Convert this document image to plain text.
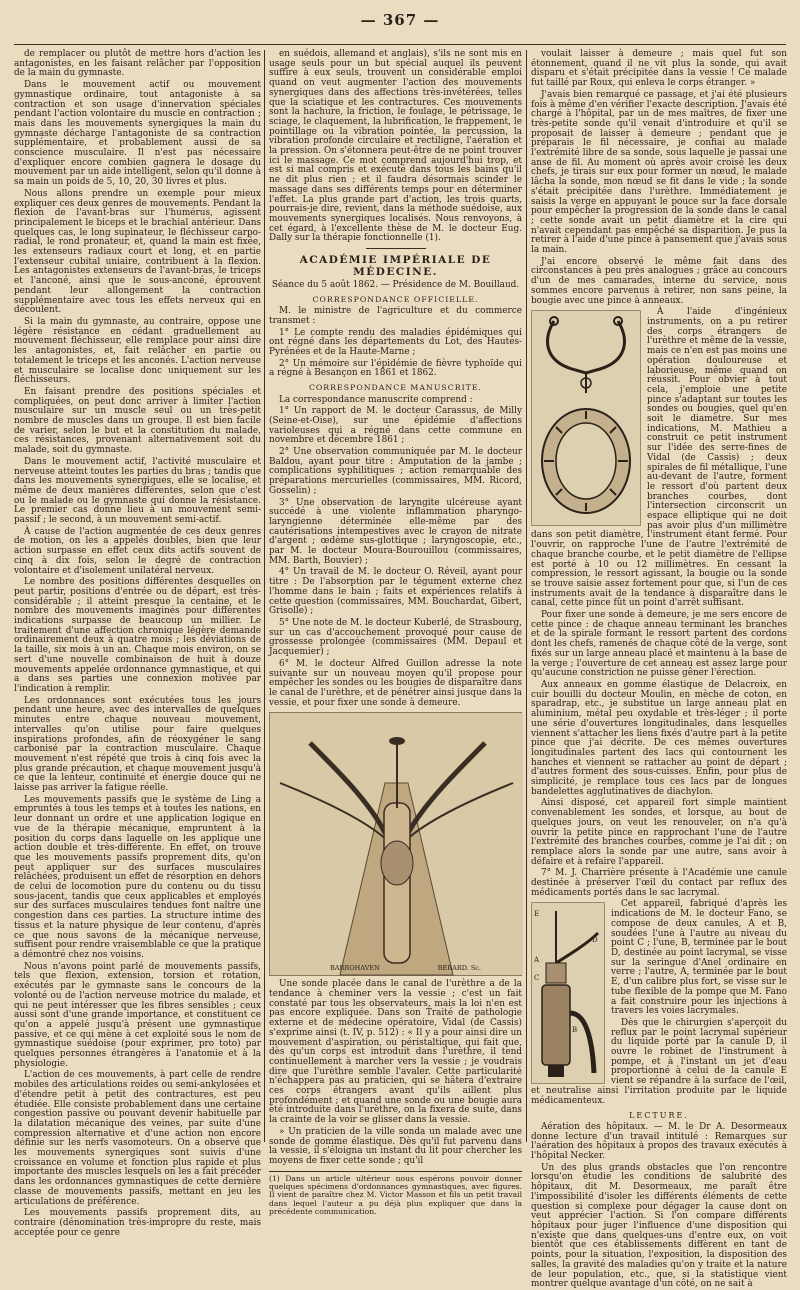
— 367 —

de remplacer ou plutôt de mettre hors d'action les antagonistes, en les faisant relâcher par l'opposition de la main du gymnaste.

Dans le mouvement actif ou mouvement gymnastique ordinaire, tout antagoniste à sa contraction et son usage d'innervation spéciales pendant l'action volontaire du muscle en contraction ; mais dans les mouvements synergiques la main du gymnaste décharge l'antagoniste de sa contraction supplémentaire, et probablement aussi de sa conscience musculaire. Il n'est pas nécessaire d'expliquer encore combien gagnera le dosage du mouvement par un aide intelligent, selon qu'il donne à sa main un poids de 5, 10, 20, 30 livres et plus.

Nous allons prendre un exemple pour mieux expliquer ces deux genres de mouvements. Pendant la flexion de l'avant-bras sur l'humérus, agissent principalement le biceps et le brachial antérieur. Dans quelques cas, le long supinateur, le fléchisseur carpo-radial, le rond pronateur, et, quand la main est fixée, les extenseurs radiaux court et long, et en partie l'extenseur cubital uniaire, contribuent à la flexion. Les antagonistes extenseurs de l'avant-bras, le triceps et l'anconé, ainsi que le sous-anconé, éprouvent pendant leur allongement la contraction supplémentaire avec tous les effets nerveux qui en découlent.

Si la main du gymnaste, au contraire, oppose une légère résistance en cédant graduellement au mouvement fléchisseur, elle remplace pour ainsi dire les antagonistes, et, fait relâcher en partie ou totalement le triceps et les anconés. L'action nerveuse et musculaire se localise donc uniquement sur les fléchisseurs.

En faisant prendre des positions spéciales et compliquées, on peut donc arriver à limiter l'action musculaire sur un muscle seul ou un très-petit nombre de muscles dans un groupe. Il est bien facile de varier, selon le but et la constitution du malade, ces résistances, provenant alternativement soit du malade, soit du gymnaste.

Dans le mouvement actif, l'activité musculaire et nerveuse atteint toutes les parties du bras ; tandis que dans les mouvements synergiques, elle se localise, et même de deux manières différentes, selon que c'est ou le malade ou le gymnaste qui donne la résistance. Le premier cas donne lieu à un mouvement semi-passif ; le second, à un mouvement semi-actif.

À cause de l'action augmentée de ces deux genres de motion, on les a appelés doubles, bien que leur action surpasse en effet ceux dits actifs souvent de cinq à dix fois, selon le degré de contraction volontaire et d'isolement unilatéral nerveux.

Le nombre des positions différentes desquelles on peut partir, positions d'entrée ou de départ, est très-considérable ; il atteint presque la centaine, et le nombre des mouvements imaginés pour différentes indications surpasse de beaucoup un millier. Le traitement d'une affection chronique légère demande ordinairement deux à quatre mois ; les déviations de la taille, six mois à un an. Chaque mois environ, on se sert d'une nouvelle combinaison de huit à douze mouvements appelée ordonnance gymnastique, et qui a dans ses parties une connexion motivée par l'indication à remplir.

Les ordonnances sont exécutées tous les jours pendant une heure, avec des intervalles de quelques minutes entre chaque nouveau mouvement, intervalles qu'on utilise pour faire quelques inspirations profondes, afin de réoxygéner le sang carbonisé par la contraction musculaire. Chaque mouvement n'est répété que trois à cinq fois avec la plus grande précaution, et chaque mouvement jusqu'à ce que la lenteur, continuité et énergie douce qui ne laisse pas arriver la fatigue réelle.

Les mouvements passifs que le système de Ling a empruntés à tous les temps et à toutes les nations, en leur donnant un ordre et une application logique en vue de la thérapie mécanique, empruntent à la position du corps dans laquelle on les applique une action double et très-différente. En effet, on trouve que les mouvements passifs proprement dits, qu'on peut appliquer sur des surfaces musculaires relâchées, produisent un effet de résorption en dehors de celui de locomotion pure du contenu ou du tissu sous-jacent, tandis que ceux applicables et employés sur des surfaces musculaires tendues font naître une congestion dans ces parties. La structure intime des tissus et la nature physique de leur contenu, d'après ce que nous savons de la mécanique nerveuse, suffisent pour rendre vraisemblable ce que la pratique a démontré chez nos voisins.

Nous n'avons point parlé de mouvements passifs, tels que flexion, extension, torsion et rotation, exécutés par le gymnaste sans le concours de la volonté ou de l'action nerveuse motrice du malade, et qui ne peut intéresser que les fibres sensibles ; ceux aussi sont d'une grande importance, et constituent ce qu'on a appelé jusqu'à présent une gymnastique passive, et ce qui mène à cet exploité sous le nom de gymnastique suédoise (pour exprimer, pro toto) par quelques personnes étrangères à l'anatomie et à la physiologie.

L'action de ces mouvements, à part celle de rendre mobiles des articulations roides ou semi-ankylosées et d'étendre petit à petit des contractures, est peu étudiée. Elle consiste probablement dans une certaine congestion passive ou pouvant devenir habituelle par la dilatation mécanique des veines, par suite d'une compression alternative et d'une action non encore définie sur les nerfs vasomoteurs. On a observé que les mouvements synergiques sont suivis d'une croissance en volume et fonction plus rapide et plus importante des muscles lesquels on les a fait précéder dans les ordonnances gymnastiques de cette dernière classe de mouvements passifs, mettant en jeu les articulations de préférence.

Les mouvements passifs proprement dits, au contraire (dénomination très-impropre du reste, mais acceptée pour ce genre

en suédois, allemand et anglais), s'ils ne sont mis en usage seuls pour un but spécial auquel ils peuvent suffire à eux seuls, trouvent un considérable emploi quand on veut augmenter l'action des mouvements synergiques dans des affections très-invétérées, telles que la sciatique et les contractures. Ces mouvements sont la hachure, la friction, le foulage, le pétrissage, le sciage, le claquement, la lubrification, le frappement, le pointillage ou la vibration pointée, la percussion, la vibration profonde circulaire et rectiligne, l'aération et la pression. On s'étonnera peut-être de ne point trouver ici le massage. Ce mot comprend aujourd'hui trop, et est si mal compris et exécuté dans tous les bains qu'il ne dit plus rien ; et il faudra désormais scinder le massage dans ses différents temps pour en déterminer l'effet. La plus grande part d'action, les trois quarts, pourrais-je dire, revient, dans la méthode suédoise, aux mouvements synergiques localisés. Nous renvoyons, à cet égard, à l'excellente thèse de M. le docteur Eug. Dally sur la thérapie fonctionnelle (1).

ACADÉMIE IMPÉRIALE DE MÉDECINE.

Séance du 5 août 1862. — Présidence de M. Bouillaud.

CORRESPONDANCE OFFICIELLE.

M. le ministre de l'agriculture et du commerce transmet :

1° Le compte rendu des maladies épidémiques qui ont régné dans les départements du Lot, des Hautes-Pyrénées et de la Haute-Marne ;

2° Un mémoire sur l'épidémie de fièvre typhoïde qui a régné à Besançon en 1861 et 1862.

CORRESPONDANCE MANUSCRITE.

La correspondance manuscrite comprend :

1° Un rapport de M. le docteur Carassus, de Milly (Seine-et-Oise), sur une épidémie d'affections varioleuses qui a régné dans cette commune en novembre et décembre 1861 ;

2° Une observation communiquée par M. le docteur Baldou, ayant pour titre : Amputation de la jambe ; complications syphilitiques ; action remarquable des préparations mercurielles (commissaires, MM. Ricord, Gosselin) ;

3° Une observation de laryngite ulcéreuse ayant succédé à une violente inflammation pharyngo-laryngienne déterminée elle-même par des cautérisations intempestives avec le crayon de nitrate d'argent ; œdème sus-glottique ; laryngoscopie, etc., par M. le docteur Moura-Bourouillou (commissaires, MM. Barth, Bouvier) ;

4° Un travail de M. le docteur O. Réveil, ayant pour titre : De l'absorption par le tégument externe chez l'homme dans le bain ; faits et expériences relatifs à cette question (commissaires, MM. Bouchardat, Gibert, Grisolle) ;

5° Une note de M. le docteur Kuberlé, de Strasbourg, sur un cas d'accouchement provoqué pour cause de grossesse prolongée (commissaires (MM. Depaul et Jacquemier) ;

6° M. le docteur Alfred Guillon adresse la note suivante sur un nouveau moyen qu'il propose pour empêcher les sondes ou les bougies de disparaître dans le canal de l'urèthre, et de pénétrer ainsi jusque dans la vessie, et pour fixer une sonde à demeure.

BARROHAVEN	BÉRARD. Sc.

Une sonde placée dans le canal de l'urèthre a de la tendance à cheminer vers la vessie ; c'est un fait constaté par tous les observateurs, mais la loi n'en est pas encore expliquée. Dans son Traité de pathologie externe et de médecine opératoire, Vidal (de Cassis) s'exprime ainsi (t. IV, p. 512) : « Il y a pour ainsi dire un mouvement d'aspiration, ou péristaltique, qui fait que, dès qu'un corps est introduit dans l'urèthre, il tend continuellement à marcher vers la vessie ; je voudrais dire que l'urèthre semble l'avaler. Cette particularité n'échappera pas au praticien, qui se hâtera d'extraire ces corps étrangers avant qu'ils aillent plus profondément ; et quand une sonde ou une bougie aura été introduite dans l'urèthre, on la fixera de suite, dans la crainte de la voir se glisser dans la vessie.

» Un praticien de la ville sonda un malade avec une sonde de gomme élastique. Dès qu'il fut parvenu dans la vessie, il s'éloigna un instant du lit pour chercher les moyens de fixer cette sonde ; qu'il

(1) Dans un article ultérieur nous espérons pouvoir donner quelques spécimens d'ordonnances gymnastiques, avec figures. Il vient de paraître chez M. Victor Masson et fils un petit travail dans lequel l'auteur a pu déjà plus expliquer que dans la précédente communication.

voulait laisser à demeure ; mais quel fut son étonnement, quand il ne vit plus la sonde, qui avait disparu et s'était précipitée dans la vessie ! Ce malade fut taillé par Roux, qui enleva le corps étranger. »

J'avais bien remarqué ce passage, et j'ai été plusieurs fois à même d'en vérifier l'exacte description. J'avais été chargé à l'hôpital, par un de mes maîtres, de fixer une très-petite sonde qu'il venait d'introduire et qu'il se proposait de laisser à demeure ; pendant que je préparais le fil nécessaire, je confiai au malade l'extrémité libre de sa sonde, sous laquelle je passai une anse de fil. Au moment où après avoir croisé les deux chefs, je tirais sur eux pour former un nœud, le malade lâcha la sonde, mon nœud se fit dans le vide ; la sonde s'était précipitée dans l'urèthre. Immédiatement je saisis la verge en appuyant le pouce sur la face dorsale pour empêcher la progression de la sonde dans le canal ; cette sonde avait un petit diamètre et la cire qui n'avait cependant pas empêché sa disparition. Je pus la retirer à l'aide d'une pince à pansement que j'avais sous la main.

J'ai encore observé le même fait dans des circonstances à peu près analogues ; grâce au concours d'un de mes camarades, interne du service, nous sommes encore parvenus à retirer, non sans peine, la bougie avec une pince à anneaux.

À l'aide d'ingénieux instruments, on a pu retirer des corps étrangers de l'urèthre et même de la vessie, mais ce n'en est pas moins une opération douloureuse et laborieuse, même quand on réussit. Pour obvier à tout cela, j'emploie une petite pince s'adaptant sur toutes les sondes ou bougies, quel qu'en soit le diamètre. Sur mes indications, M. Mathieu a construit ce petit instrument sur l'idée des serre-fines de Vidal (de Cassis) ; deux spirales de fil métallique, l'une au-devant de l'autre, forment le ressort d'où partent deux branches courbes, dont l'intersection circonscrit un espace elliptique qui ne doit pas avoir plus d'un millimètre dans son petit diamètre, l'instrument étant fermé. Pour l'ouvrir, on rapproche l'une de l'autre l'extrémité de chaque branche courbe, et le petit diamètre de l'ellipse est porté à 10 ou 12 millimètres. En cessant la compression, le ressort agissant, la bougie ou la sonde se trouve saisie assez fortement pour que, si l'un de ces instruments avait de la tendance à disparaître dans le canal, cette pince fût un point d'arrêt suffisant.

Pour fixer une sonde à demeure, je me sers encore de cette pince : de chaque anneau terminant les branches et de la spirale formant le ressort partent des cordons dont les chefs, ramenés de chaque côté de la verge, sont fixés sur un large anneau placé et maintenu à la base de la verge ; l'ouverture de cet anneau est assez large pour qu'aucune constriction ne puisse gêner l'érection.

Aux anneaux en gomme élastique de Delacroix, en cuir bouilli du docteur Moulin, en mèche de coton, en sparadrap, etc., je substitue un large anneau plat en aluminium, métal peu oxydable et très-léger ; il porte une série d'ouvertures longitudinales, dans lesquelles viennent s'attacher les liens fixés d'autre part à la petite pince que j'ai décrite. De ces mêmes ouvertures longitudinales partent des lacs qui contournent les hanches et viennent se rattacher au point de départ ; d'autres forment des sous-cuisses. Enfin, pour plus de simplicité, je remplace tous ces lacs par de longues bandelettes agglutinatives de diachylon.

Ainsi disposé, cet appareil fort simple maintient convenablement les sondes, et lorsque, au bout de quelques jours, on veut les renouveler, on n'a qu'à ouvrir la petite pince en rapprochant l'une de l'autre l'extrémité des branches courbes, comme je l'ai dit ; on remplace alors la sonde par une autre, sans avoir à défaire et à refaire l'appareil.

7° M. J. Charrière présente à l'Académie une canule destinée à préserver l'œil du contact par reflux des médicaments portés dans le sac lacrymal.

E
A
C
B
D

Cet appareil, fabriqué d'après les indications de M. le docteur Fano, se compose de deux canules, A et B, soudées l'une à l'autre au niveau du point C ; l'une, B, terminée par le bout D, destinée au point lacrymal, se visse sur la seringue d'Anel ordinaire en verre ; l'autre, A, terminée par le bout E, d'un calibre plus fort, se visse sur le tube flexible de la pompe que M. Fano a fait construire pour les injections à travers les voies lacrymales.

Dès que le chirurgien s'aperçoit du reflux par le point lacrymal supérieur du liquide porté par la canule D, il ouvre le robinet de l'instrument à pompe, et à l'instant un jet d'eau proportionné à celui de la canule E vient se répandre à la surface de l'œil, et neutralise ainsi l'irritation produite par le liquide médicamenteux.

LECTURE.

Aération des hôpitaux. — M. le Dr A. Desormeaux donne lecture d'un travail intitulé : Remarques sur l'aération des hôpitaux à propos des travaux exécutés à l'hôpital Necker.

Un des plus grands obstacles que l'on rencontre lorsqu'on étudie les conditions de salubrité des hôpitaux, dit M. Desormeaux, me paraît être l'impossibilité d'isoler les différents éléments de cette question si complexe pour dégager la cause dont on veut apprécier l'action. Si l'on compare différents hôpitaux pour juger l'influence d'une disposition qui n'existe que dans quelques-uns d'entre eux, on voit bientôt que ces établissements diffèrent en tant de points, pour la situation, l'exposition, la disposition des salles, la gravité des maladies qu'on y traite et la nature de leur population, etc., que, si la statistique vient montrer quelque avantage d'un côté, on ne sait à
